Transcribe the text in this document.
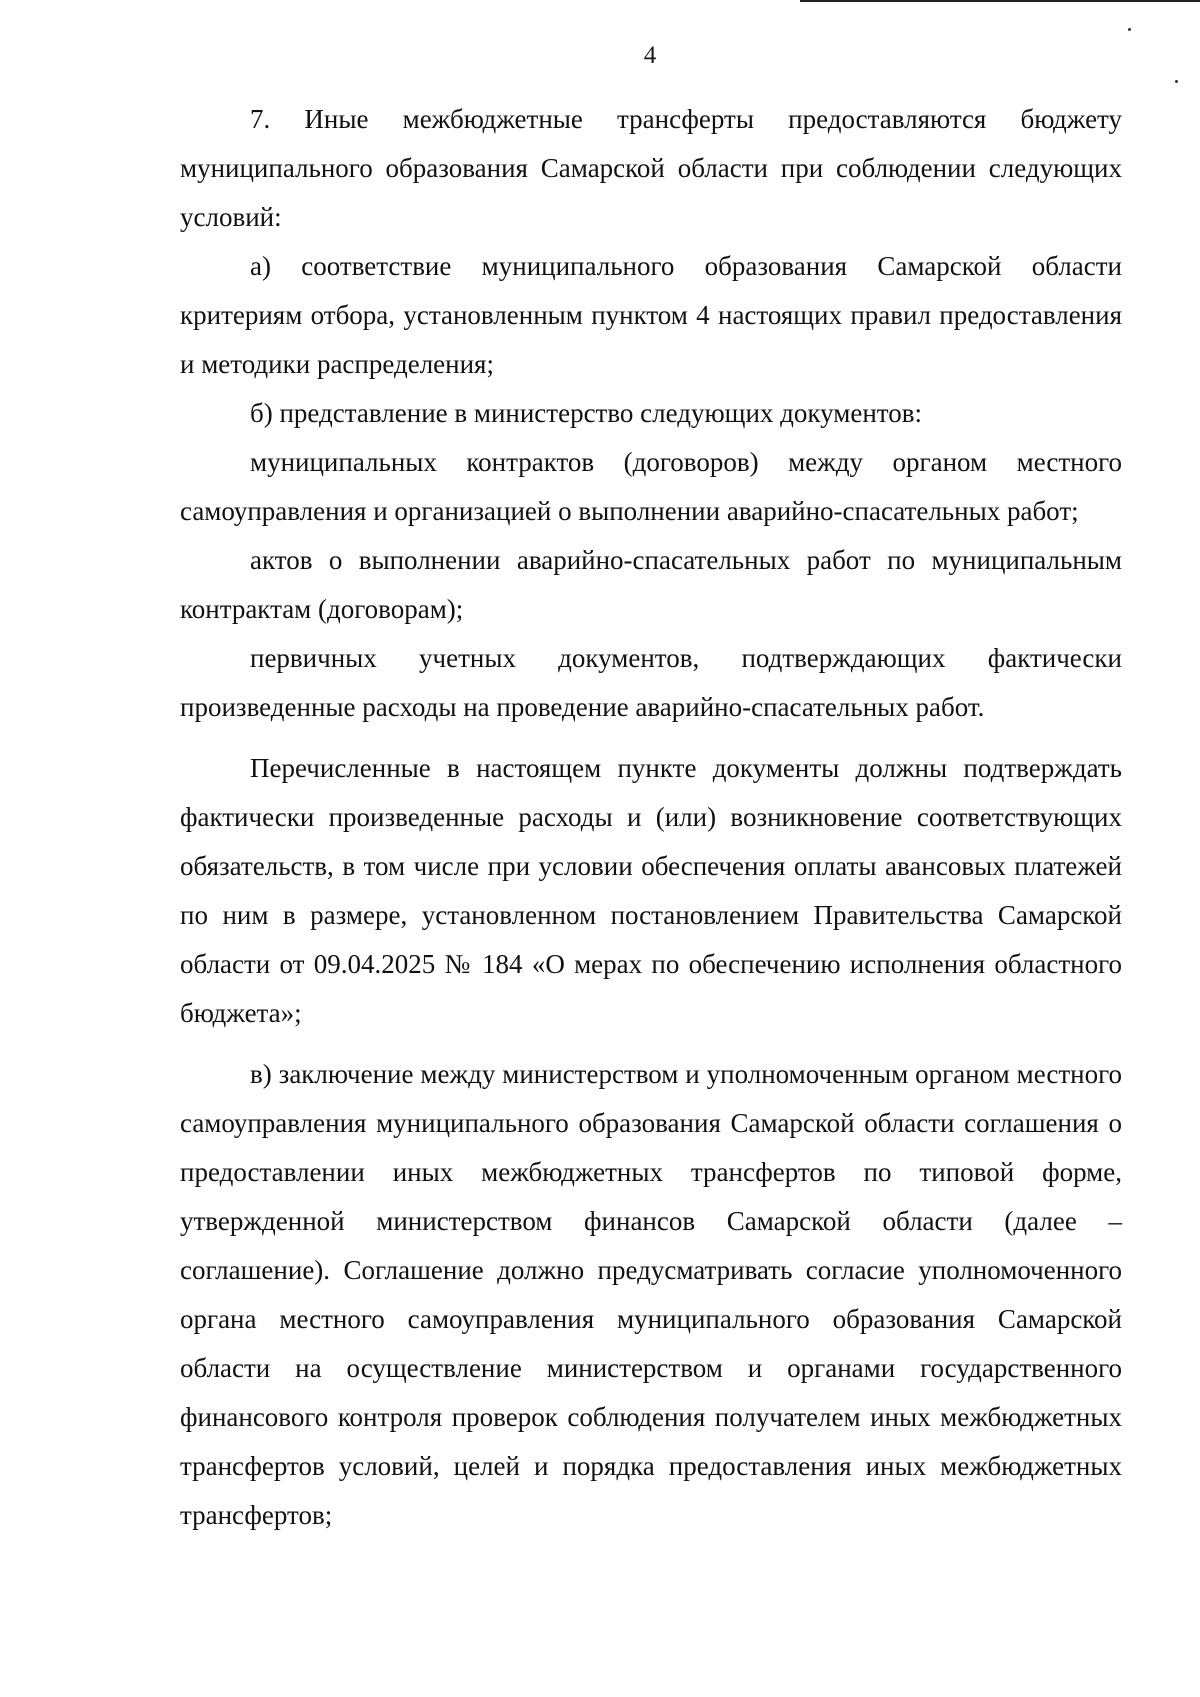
4

7. Иные межбюджетные трансферты предоставляются бюджету муниципального образования Самарской области при соблюдении следующих условий:

а) соответствие муниципального образования Самарской области критериям отбора, установленным пунктом 4 настоящих правил предоставления и методики распределения;

б) представление в министерство следующих документов:

муниципальных контрактов (договоров) между органом местного самоуправления и организацией о выполнении аварийно-спасательных работ;

актов о выполнении аварийно-спасательных работ по муниципальным контрактам (договорам);

первичных учетных документов, подтверждающих фактически произведенные расходы на проведение аварийно-спасательных работ.

Перечисленные в настоящем пункте документы должны подтверждать фактически произведенные расходы и (или) возникновение соответствующих обязательств, в том числе при условии обеспечения оплаты авансовых платежей по ним в размере, установленном постановлением Правительства Самарской области от 09.04.2025 № 184 «О мерах по обеспечению исполнения областного бюджета»;

в) заключение между министерством и уполномоченным органом местного самоуправления муниципального образования Самарской области соглашения о предоставлении иных межбюджетных трансфертов по типовой форме, утвержденной министерством финансов Самарской области (далее – соглашение). Соглашение должно предусматривать согласие уполномоченного органа местного самоуправления муниципального образования Самарской области на осуществление министерством и органами государственного финансового контроля проверок соблюдения получателем иных межбюджетных трансфертов условий, целей и порядка предоставления иных межбюджетных трансфертов;
